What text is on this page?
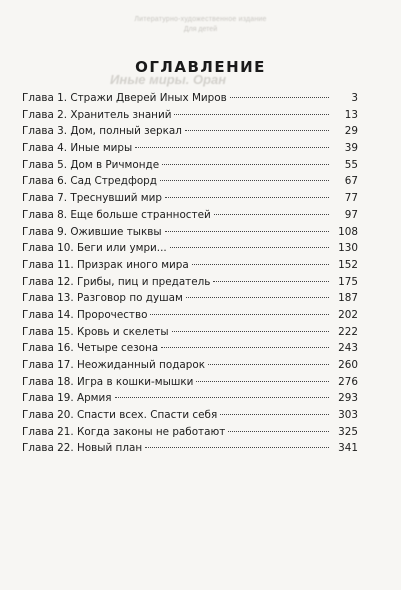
Литературно-художественное издание
Для детей
Иные миры. Оран
ОГЛАВЛЕНИЕ
Глава 1. Стражи Дверей Иных Миров	3
Глава 2. Хранитель знаний	13
Глава 3. Дом, полный зеркал	29
Глава 4. Иные миры	39
Глава 5. Дом в Ричмонде	55
Глава 6. Сад Стредфорд	67
Глава 7. Треснувший мир	77
Глава 8. Еще больше странностей	97
Глава 9. Ожившие тыквы	108
Глава 10. Беги или умри...	130
Глава 11. Призрак иного мира	152
Глава 12. Грибы, пиц и предатель	175
Глава 13. Разговор по душам	187
Глава 14. Пророчество	202
Глава 15. Кровь и скелеты	222
Глава 16. Четыре сезона	243
Глава 17. Неожиданный подарок	260
Глава 18. Игра в кошки-мышки	276
Глава 19. Армия	293
Глава 20. Спасти всех. Спасти себя	303
Глава 21. Когда законы не работают	325
Глава 22. Новый план	341
